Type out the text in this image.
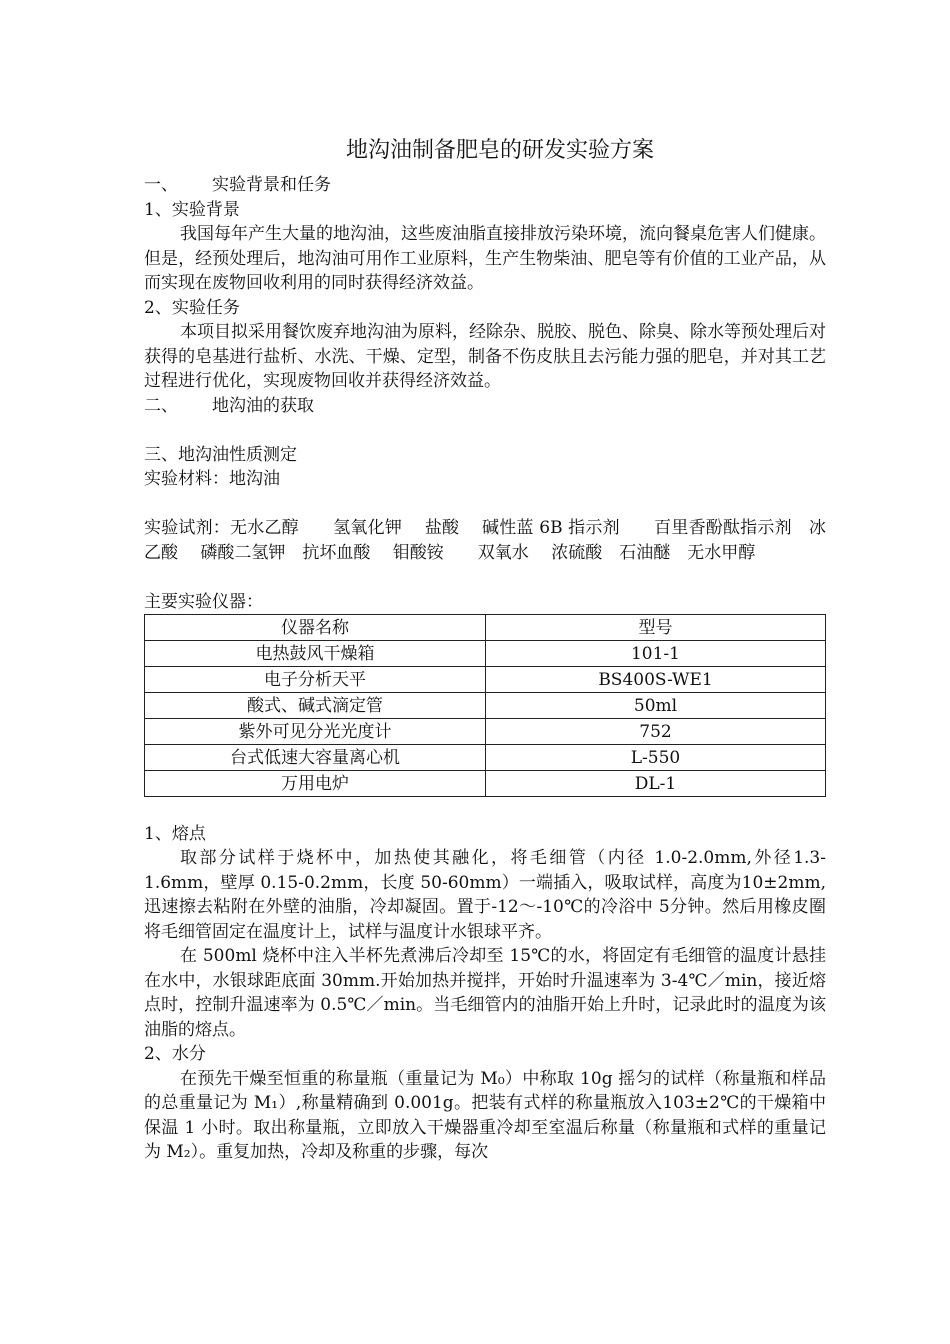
地沟油制备肥皂的研发实验方案

一、 实验背景和任务

1、实验背景

我国每年产生大量的地沟油，这些废油脂直接排放污染环境，流向餐桌危害人们健康。但是，经预处理后，地沟油可用作工业原料，生产生物柴油、肥皂等有价值的工业产品，从而实现在废物回收利用的同时获得经济效益。

2、实验任务

本项目拟采用餐饮废弃地沟油为原料，经除杂、脱胶、脱色、除臭、除水等预处理后对获得的皂基进行盐析、水洗、干燥、定型，制备不伤皮肤且去污能力强的肥皂，并对其工艺过程进行优化，实现废物回收并获得经济效益。

二、 地沟油的获取

三、地沟油性质测定

实验材料：地沟油

实验试剂：无水乙醇　　氢氧化钾　 盐酸　 碱性蓝 6B 指示剂　　百里香酚酞指示剂　冰乙酸　 磷酸二氢钾　抗坏血酸　 钼酸铵　　双氧水　 浓硫酸　石油醚　无水甲醇

主要实验仪器：

仪器名称	型号
电热鼓风干燥箱	101-1
电子分析天平	BS400S-WE1
酸式、碱式滴定管	50ml
紫外可见分光光度计	752
台式低速大容量离心机	L-550
万用电炉	DL-1

1、熔点

取部分试样于烧杯中，加热使其融化，将毛细管（内径 1.0-2.0mm,外径1.3-1.6mm，壁厚 0.15-0.2mm，长度 50-60mm）一端插入，吸取试样，高度为10±2mm,迅速擦去粘附在外壁的油脂，冷却凝固。置于-12～-10℃的冷浴中 5分钟。然后用橡皮圈将毛细管固定在温度计上，试样与温度计水银球平齐。

在 500ml 烧杯中注入半杯先煮沸后冷却至 15℃的水，将固定有毛细管的温度计悬挂在水中，水银球距底面 30mm.开始加热并搅拌，开始时升温速率为 3-4℃／min，接近熔点时，控制升温速率为 0.5℃／min。当毛细管内的油脂开始上升时，记录此时的温度为该油脂的熔点。

2、水分

在预先干燥至恒重的称量瓶（重量记为 M₀）中称取 10g 摇匀的试样（称量瓶和样品的总重量记为 M₁）,称量精确到 0.001g。把装有式样的称量瓶放入103±2℃的干燥箱中保温 1 小时。取出称量瓶，立即放入干燥器重冷却至室温后称量（称量瓶和式样的重量记为 M₂）。重复加热，冷却及称重的步骤，每次
